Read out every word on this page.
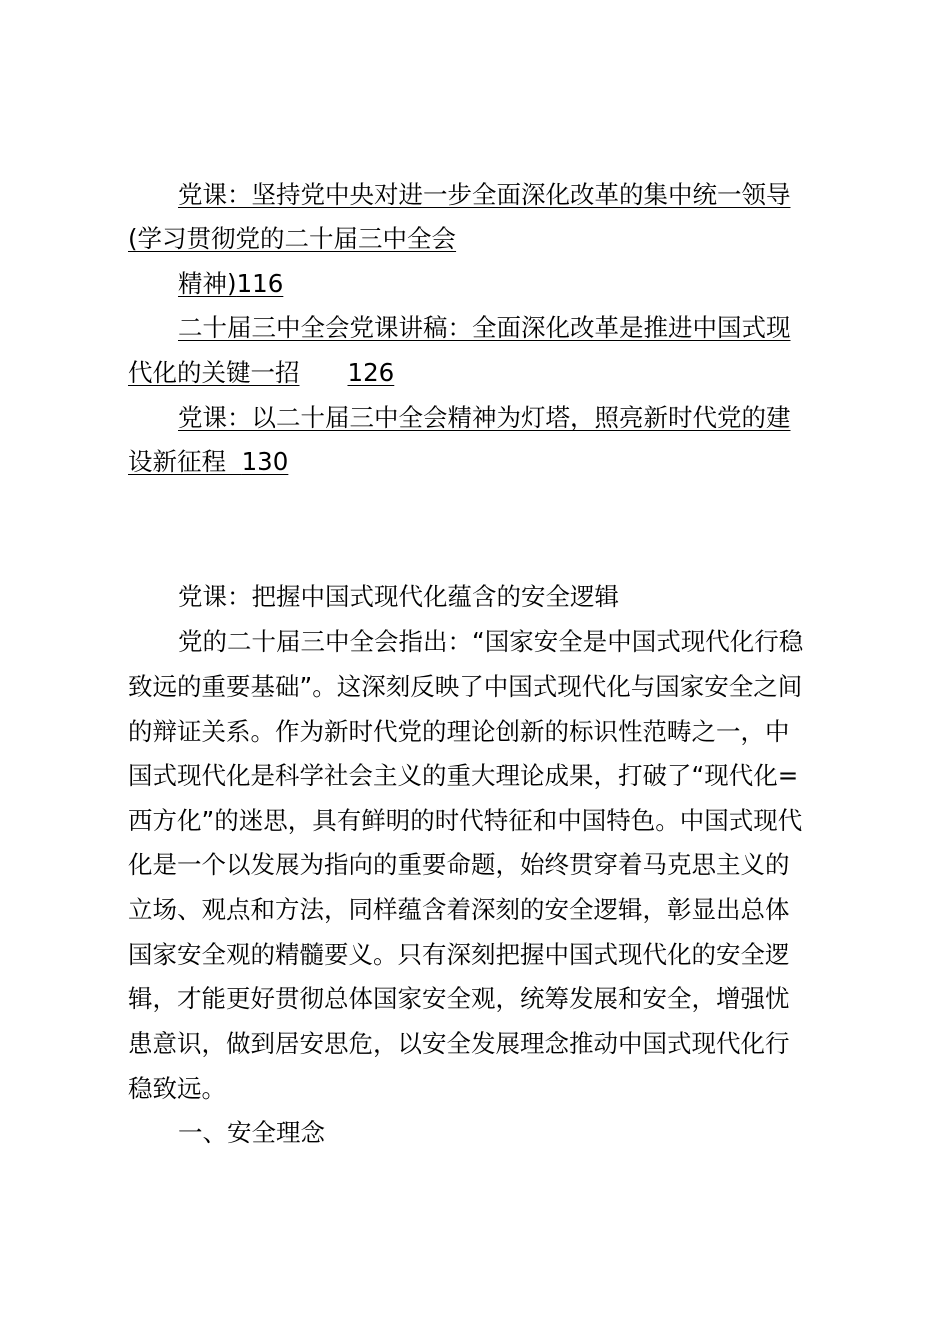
党课：坚持党中央对进一步全面深化改革的集中统一领导
(学习贯彻党的二十届三中全会
精神)116
二十届三中全会党课讲稿：全面深化改革是推进中国式现
代化的关键一招 126
党课：以二十届三中全会精神为灯塔，照亮新时代党的建
设新征程 130
党课：把握中国式现代化蕴含的安全逻辑
党的二十届三中全会指出：“国家安全是中国式现代化行稳
致远的重要基础”。这深刻反映了中国式现代化与国家安全之间
的辩证关系。作为新时代党的理论创新的标识性范畴之一，中
国式现代化是科学社会主义的重大理论成果，打破了“现代化=
西方化”的迷思，具有鲜明的时代特征和中国特色。中国式现代
化是一个以发展为指向的重要命题，始终贯穿着马克思主义的
立场、观点和方法，同样蕴含着深刻的安全逻辑，彰显出总体
国家安全观的精髓要义。只有深刻把握中国式现代化的安全逻
辑，才能更好贯彻总体国家安全观，统筹发展和安全，增强忧
患意识，做到居安思危，以安全发展理念推动中国式现代化行
稳致远。
一、安全理念
